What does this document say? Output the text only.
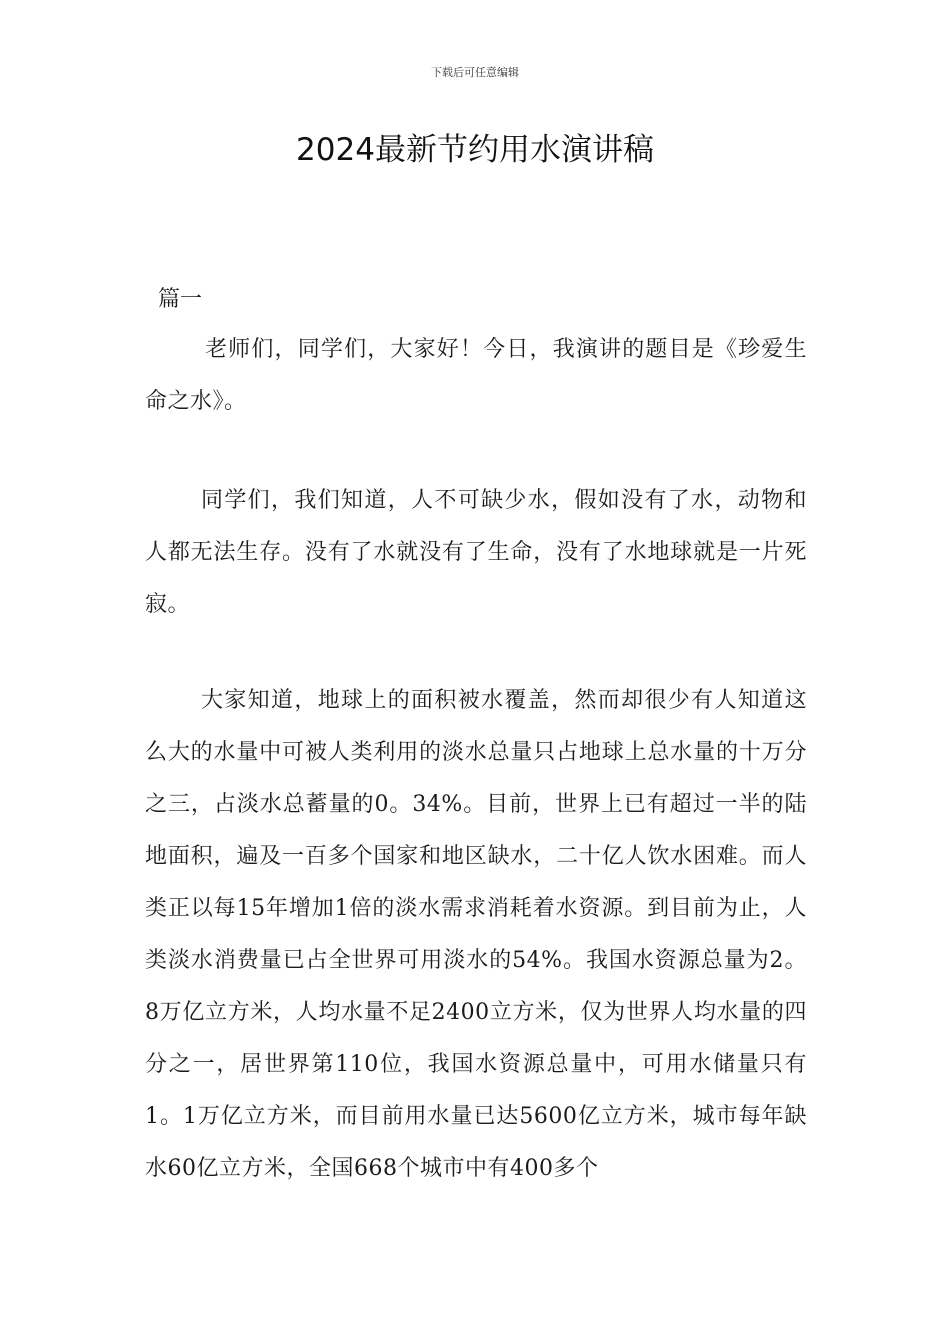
下载后可任意编辑
2024最新节约用水演讲稿
篇一

老师们，同学们，大家好！今日，我演讲的题目是《珍爱生命之水》。

同学们，我们知道，人不可缺少水，假如没有了水，动物和人都无法生存。没有了水就没有了生命，没有了水地球就是一片死寂。

大家知道，地球上的面积被水覆盖，然而却很少有人知道这么大的水量中可被人类利用的淡水总量只占地球上总水量的十万分之三，占淡水总蓄量的0。34%。目前，世界上已有超过一半的陆地面积，遍及一百多个国家和地区缺水，二十亿人饮水困难。而人类正以每15年增加1倍的淡水需求消耗着水资源。到目前为止，人类淡水消费量已占全世界可用淡水的54%。我国水资源总量为2。8万亿立方米，人均水量不足2400立方米，仅为世界人均水量的四分之一，居世界第110位，我国水资源总量中，可用水储量只有1。1万亿立方米，而目前用水量已达5600亿立方米，城市每年缺水60亿立方米，全国668个城市中有400多个
